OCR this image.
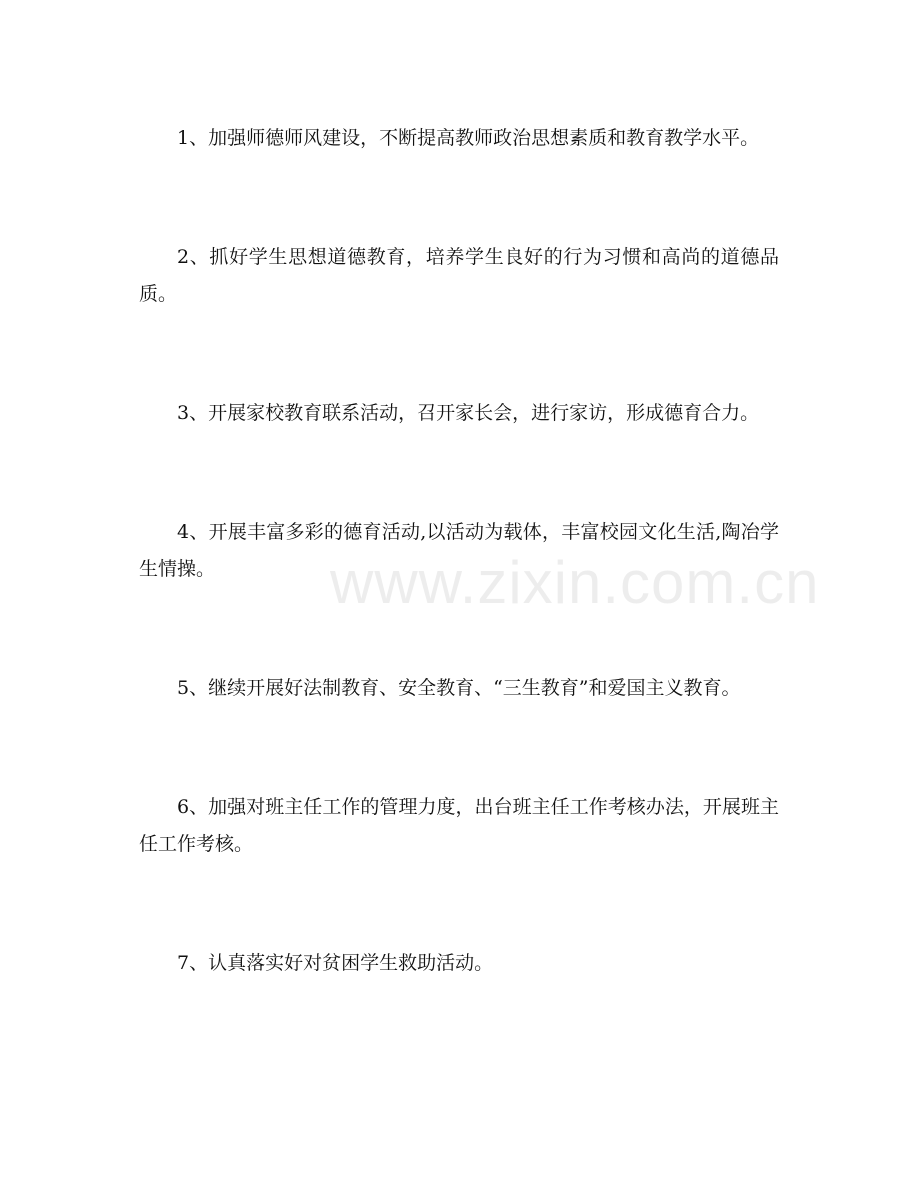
1、加强师德师风建设，不断提高教师政治思想素质和教育教学水平。

2、抓好学生思想道德教育，培养学生良好的行为习惯和高尚的道德品质。

3、开展家校教育联系活动，召开家长会，进行家访，形成德育合力。

4、开展丰富多彩的德育活动,以活动为载体，丰富校园文化生活,陶冶学生情操。

5、继续开展好法制教育、安全教育、“三生教育”和爱国主义教育。

6、加强对班主任工作的管理力度，出台班主任工作考核办法，开展班主任工作考核。

7、认真落实好对贫困学生救助活动。

www.zixin.com.cn
